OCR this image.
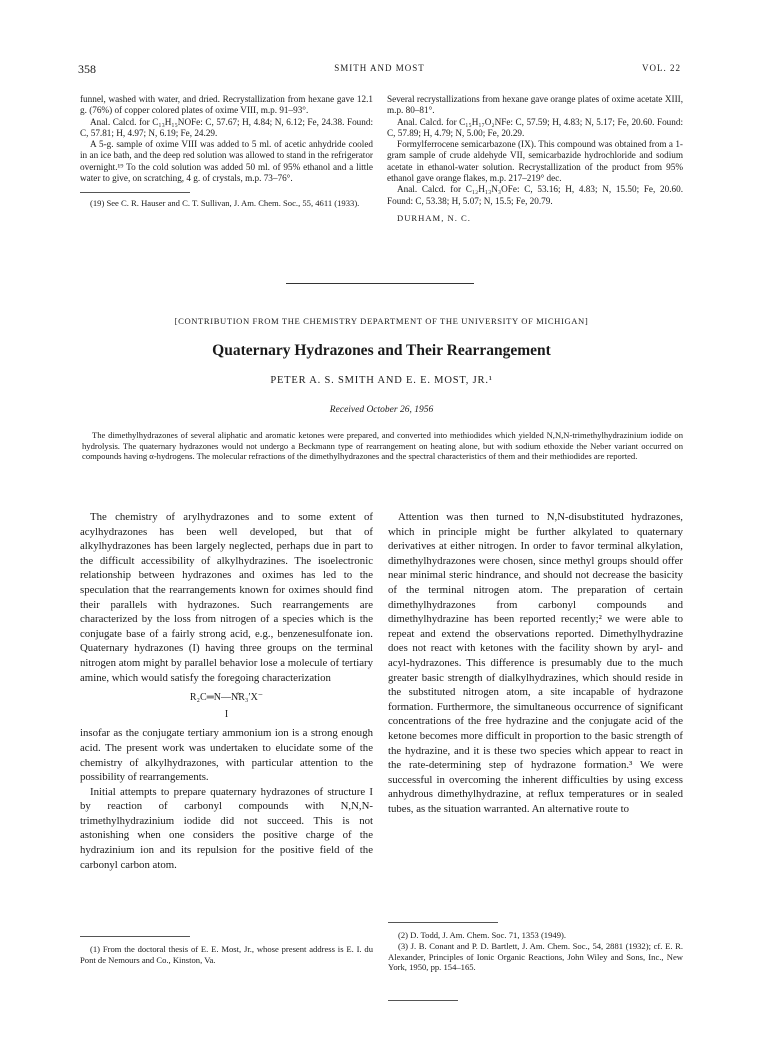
358	SMITH AND MOST	VOL. 22

funnel, washed with water, and dried. Recrystallization from hexane gave 12.1 g. (76%) of copper colored plates of oxime VIII, m.p. 91–93°.

Anal. Calcd. for C₁₃H₁₅NOFe: C, 57.67; H, 4.84; N, 6.12; Fe, 24.38. Found: C, 57.81; H, 4.97; N, 6.19; Fe, 24.29.

A 5-g. sample of oxime VIII was added to 5 ml. of acetic anhydride cooled in an ice bath, and the deep red solution was allowed to stand in the refrigerator overnight.¹⁹ To the cold solution was added 50 ml. of 95% ethanol and a little water to give, on scratching, 4 g. of crystals, m.p. 73–76°.

(19) See C. R. Hauser and C. T. Sullivan, J. Am. Chem. Soc., 55, 4611 (1933).

Several recrystallizations from hexane gave orange plates of oxime acetate XIII, m.p. 80–81°.

Anal. Calcd. for C₁₅H₁₇O₂NFe: C, 57.59; H, 4.83; N, 5.17; Fe, 20.60. Found: C, 57.89; H, 4.79; N, 5.00; Fe, 20.29.

Formylferrocene semicarbazone (IX). This compound was obtained from a 1-gram sample of crude aldehyde VII, semicarbazide hydrochloride and sodium acetate in ethanol-water solution. Recrystallization of the product from 95% ethanol gave orange flakes, m.p. 217–219° dec.

Anal. Calcd. for C₁₂H₁₃N₃OFe: C, 53.16; H, 4.83; N, 15.50; Fe, 20.60. Found: C, 53.38; H, 5.07; N, 15.5; Fe, 20.79.

DURHAM, N. C.

[CONTRIBUTION FROM THE CHEMISTRY DEPARTMENT OF THE UNIVERSITY OF MICHIGAN]
Quaternary Hydrazones and Their Rearrangement
PETER A. S. SMITH AND E. E. MOST, JR.¹
Received October 26, 1956

The dimethylhydrazones of several aliphatic and aromatic ketones were prepared, and converted into methiodides which yielded N,N,N-trimethylhydrazinium iodide on hydrolysis. The quaternary hydrazones would not undergo a Beckmann type of rearrangement on heating alone, but with sodium ethoxide the Neber variant occurred on compounds having α-hydrogens. The molecular refractions of the dimethylhydrazones and the spectral characteristics of them and their methiodides are reported.

The chemistry of arylhydrazones and to some extent of acylhydrazones has been well developed, but that of alkylhydrazones has been largely neglected, perhaps due in part to the difficult accessibility of alkylhydrazines. The isoelectronic relationship between hydrazones and oximes has led to the speculation that the rearrangements known for oximes should find their parallels with hydrazones. Such rearrangements are characterized by the loss from nitrogen of a species which is the conjugate base of a fairly strong acid, e.g., benzenesulfonate ion. Quaternary hydrazones (I) having three groups on the terminal nitrogen atom might by parallel behavior lose a molecule of tertiary amine, which would satisfy the foregoing characterization

R₂C═N—N̊R₃′X⁻

I

insofar as the conjugate tertiary ammonium ion is a strong enough acid. The present work was undertaken to elucidate some of the chemistry of alkylhydrazones, with particular attention to the possibility of rearrangements.

Initial attempts to prepare quaternary hydrazones of structure I by reaction of carbonyl compounds with N,N,N-trimethylhydrazinium iodide did not succeed. This is not astonishing when one considers the positive charge of the hydrazinium ion and its repulsion for the positive field of the carbonyl carbon atom.

(1) From the doctoral thesis of E. E. Most, Jr., whose present address is E. I. du Pont de Nemours and Co., Kinston, Va.

Attention was then turned to N,N-disubstituted hydrazones, which in principle might be further alkylated to quaternary derivatives at either nitrogen. In order to favor terminal alkylation, dimethylhydrazones were chosen, since methyl groups should offer near minimal steric hindrance, and should not decrease the basicity of the terminal nitrogen atom. The preparation of certain dimethylhydrazones from carbonyl compounds and dimethylhydrazine has been reported recently;² we were able to repeat and extend the observations reported. Dimethylhydrazine does not react with ketones with the facility shown by aryl- and acyl-hydrazones. This difference is presumably due to the much greater basic strength of dialkylhydrazines, which should reside in the substituted nitrogen atom, a site incapable of hydrazone formation. Furthermore, the simultaneous occurrence of significant concentrations of the free hydrazine and the conjugate acid of the ketone becomes more difficult in proportion to the basic strength of the hydrazine, and it is these two species which appear to react in the rate-determining step of hydrazone formation.³ We were successful in overcoming the inherent difficulties by using excess anhydrous dimethylhydrazine, at reflux temperatures or in sealed tubes, as the situation warranted. An alternative route to

(2) D. Todd, J. Am. Chem. Soc. 71, 1353 (1949).

(3) J. B. Conant and P. D. Bartlett, J. Am. Chem. Soc., 54, 2881 (1932); cf. E. R. Alexander, Principles of Ionic Organic Reactions, John Wiley and Sons, Inc., New York, 1950, pp. 154–165.
